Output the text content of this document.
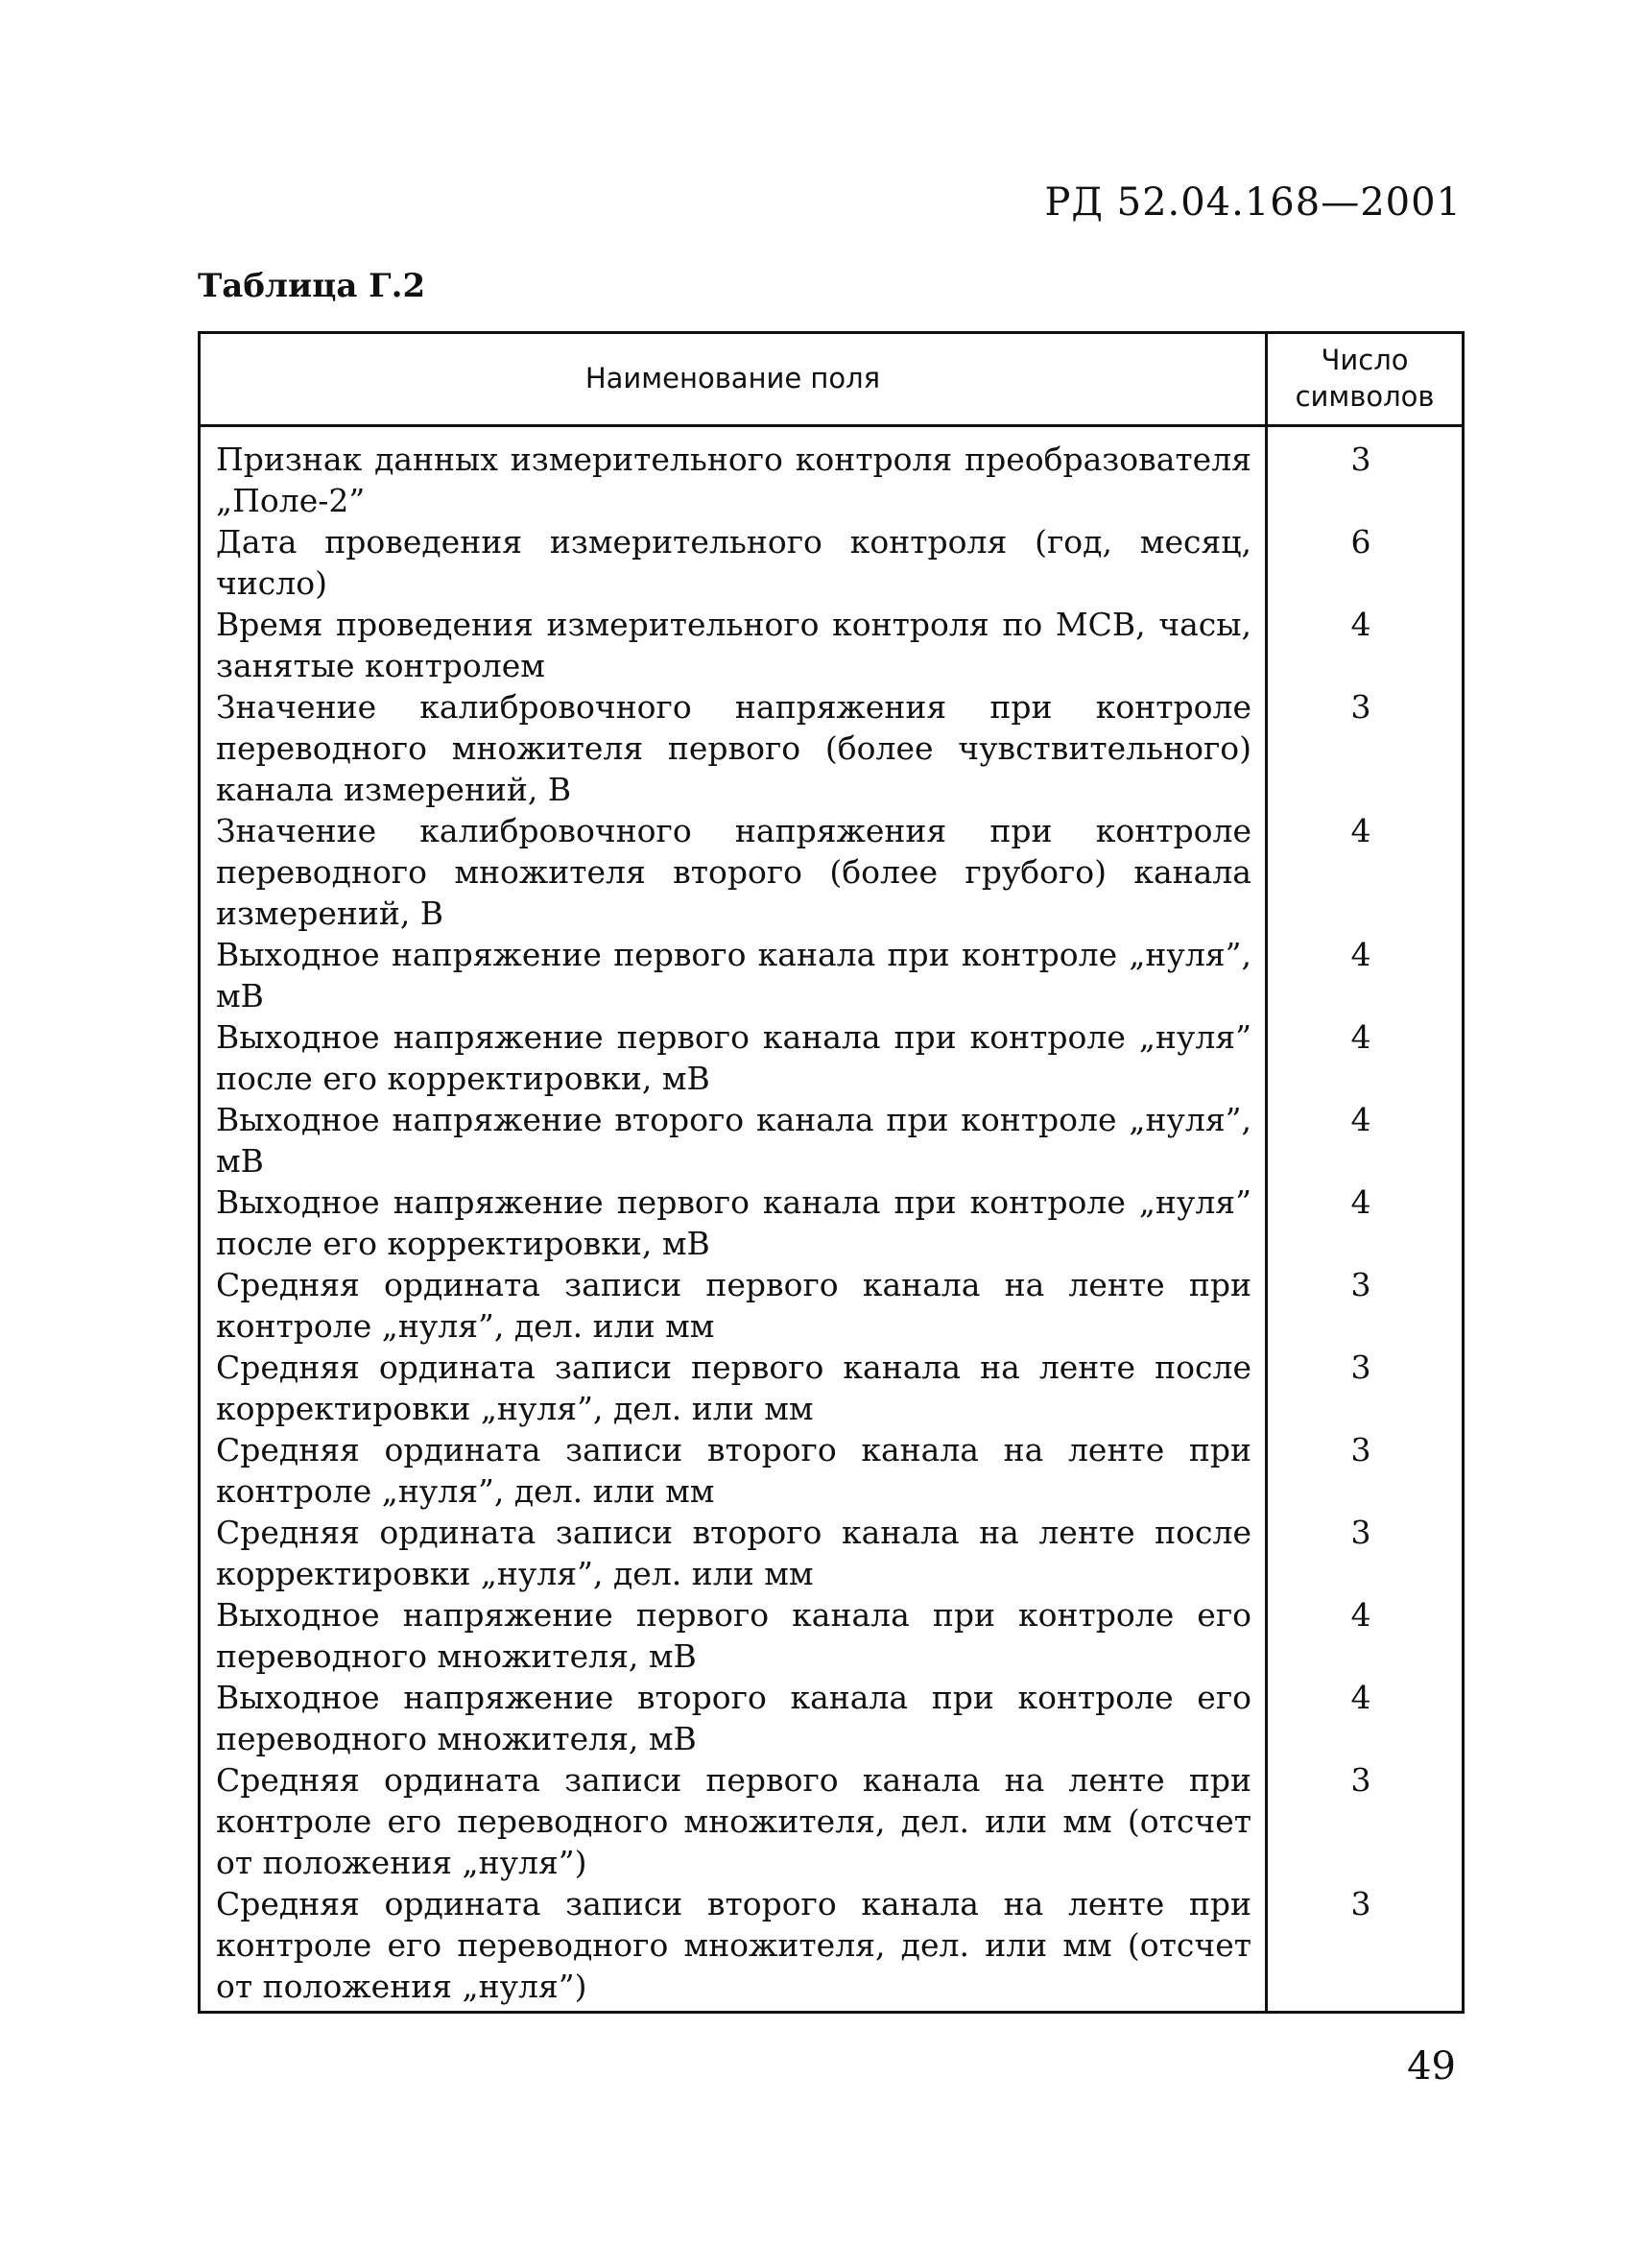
РД 52.04.168—2001
Таблица Г.2
Наименование поля	Число символов
Признак данных измерительного контроля преобразователя „Поле-2”	3
Дата проведения измерительного контроля (год, месяц, число)	6
Время проведения измерительного контроля по МСВ, часы, занятые контролем	4
Значение калибровочного напряжения при контроле переводного множителя первого (более чувствительного) канала измерений, В	3
Значение калибровочного напряжения при контроле переводного множителя второго (более грубого) канала измерений, В	4
Выходное напряжение первого канала при контроле „нуля”, мВ	4
Выходное напряжение первого канала при контроле „нуля” после его корректировки, мВ	4
Выходное напряжение второго канала при контроле „нуля”, мВ	4
Выходное напряжение первого канала при контроле „нуля” после его корректировки, мВ	4
Средняя ордината записи первого канала на ленте при контроле „нуля”, дел. или мм	3
Средняя ордината записи первого канала на ленте после корректировки „нуля”, дел. или мм	3
Средняя ордината записи второго канала на ленте при контроле „нуля”, дел. или мм	3
Средняя ордината записи второго канала на ленте после корректировки „нуля”, дел. или мм	3
Выходное напряжение первого канала при контроле его переводного множителя, мВ	4
Выходное напряжение второго канала при контроле его переводного множителя, мВ	4
Средняя ордината записи первого канала на ленте при контроле его переводного множителя, дел. или мм (отсчет от положения „нуля”)	3
Средняя ордината записи второго канала на ленте при контроле его переводного множителя, дел. или мм (отсчет от положения „нуля”)	3
49
